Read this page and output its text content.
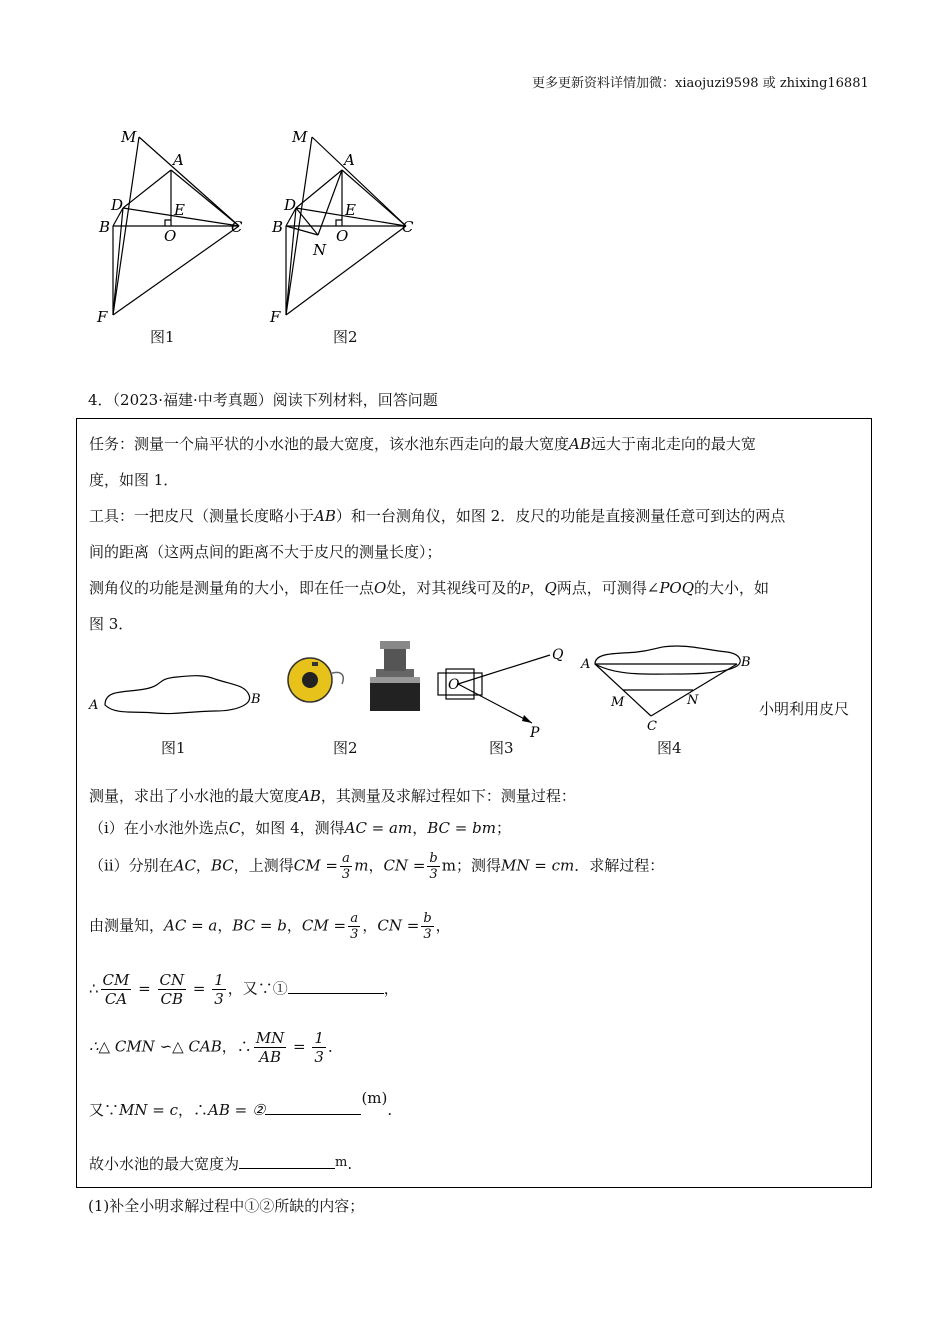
更多更新资料详情加微：xiaojuzi9598 或 zhixing16881
M
A
D	E
B	O	C
F
图1
M
A
D	E
B	O
N
C
F
图2
4．（2023·福建·中考真题）阅读下列材料，回答问题
任务：测量一个扁平状的小水池的最大宽度，该水池东西走向的最大宽度AB远大于南北走向的最大宽
度，如图 1．
工具：一把皮尺（测量长度略小于AB）和一台测角仪，如图 2．皮尺的功能是直接测量任意可到达的两点
间的距离（这两点间的距离不大于皮尺的测量长度）；
测角仪的功能是测量角的大小，即在任一点O处，对其视线可及的P，Q两点，可测得∠POQ的大小，如
图 3．
A	B
图1	图2
O
Q
P
图3
A	B
M	N
C
图4
小明利用皮尺
测量，求出了小水池的最大宽度AB，其测量及求解过程如下：测量过程：
（ⅰ）在小水池外选点C，如图 4，测得AC = am，BC = bm；
（ⅱ）分别在AC，BC，上测得CM = $\frac{a}{3}$ m，CN = $\frac{b}{3}$ m；测得MN = cm．求解过程：
由测量知，AC = a，BC = b，CM = $\frac{a}{3}$ ，CN = $\frac{b}{3}$ ，
∴ $\frac{CM}{CA} = \frac{CN}{CB} = \frac{1}{3}$ ，又∵①	，
∴△ CMN ∽△ CAB，∴ $\frac{MN}{AB} = \frac{1}{3}$ ．
又∵MN = c，∴AB = ②(m).
故小水池的最大宽度为	m.
(1)补全小明求解过程中①②所缺的内容；
